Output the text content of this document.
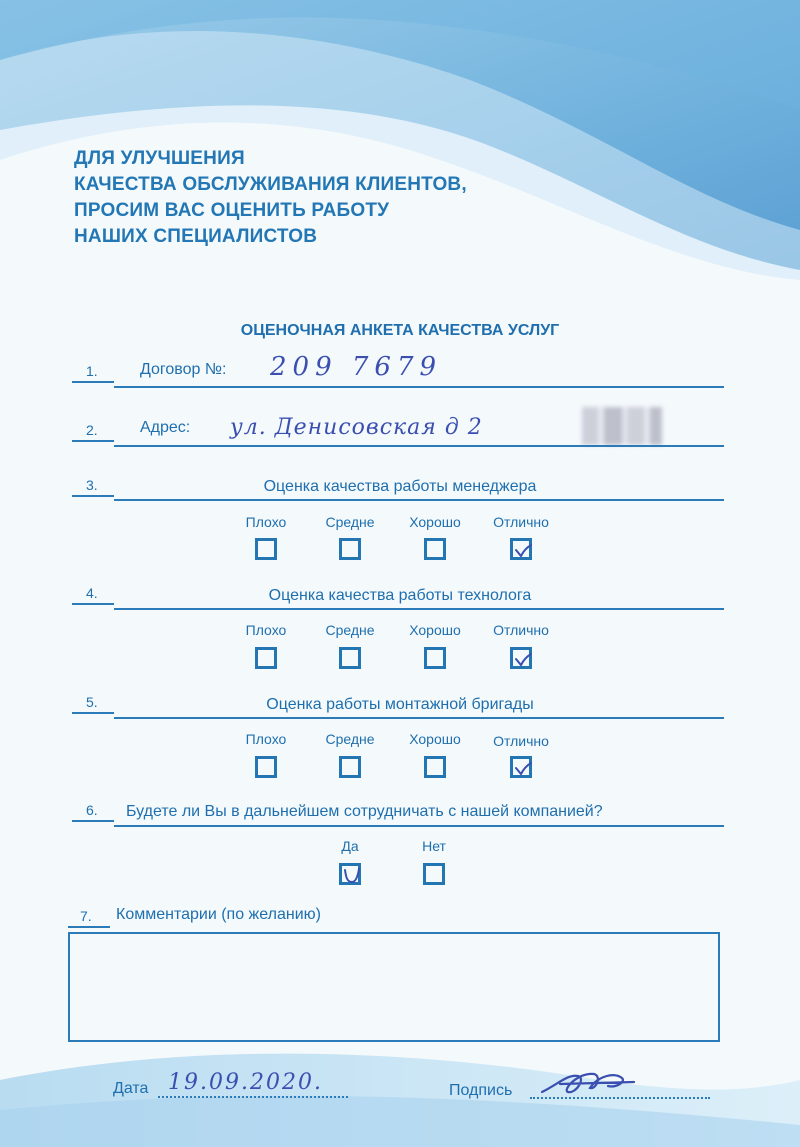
ДЛЯ УЛУЧШЕНИЯ
КАЧЕСТВА ОБСЛУЖИВАНИЯ КЛИЕНТОВ,
ПРОСИМ ВАС ОЦЕНИТЬ РАБОТУ
НАШИХ СПЕЦИАЛИСТОВ
ОЦЕНОЧНАЯ АНКЕТА КАЧЕСТВА УСЛУГ
1.	Договор №: 209 7679
2.	Адрес: ул. Денисовская д 2
3.	Оценка качества работы менеджера
Плохо	Средне	Хорошо	Отлично
4.	Оценка качества работы технолога
Плохо	Средне	Хорошо	Отлично
5.	Оценка работы монтажной бригады
Плохо	Средне	Хорошо	Отлично
6. Будете ли Вы в дальнейшем сотрудничать с нашей компанией?
Да	Нет
7. Комментарии (по желанию)
Дата 19.09.2020.	Подпись
